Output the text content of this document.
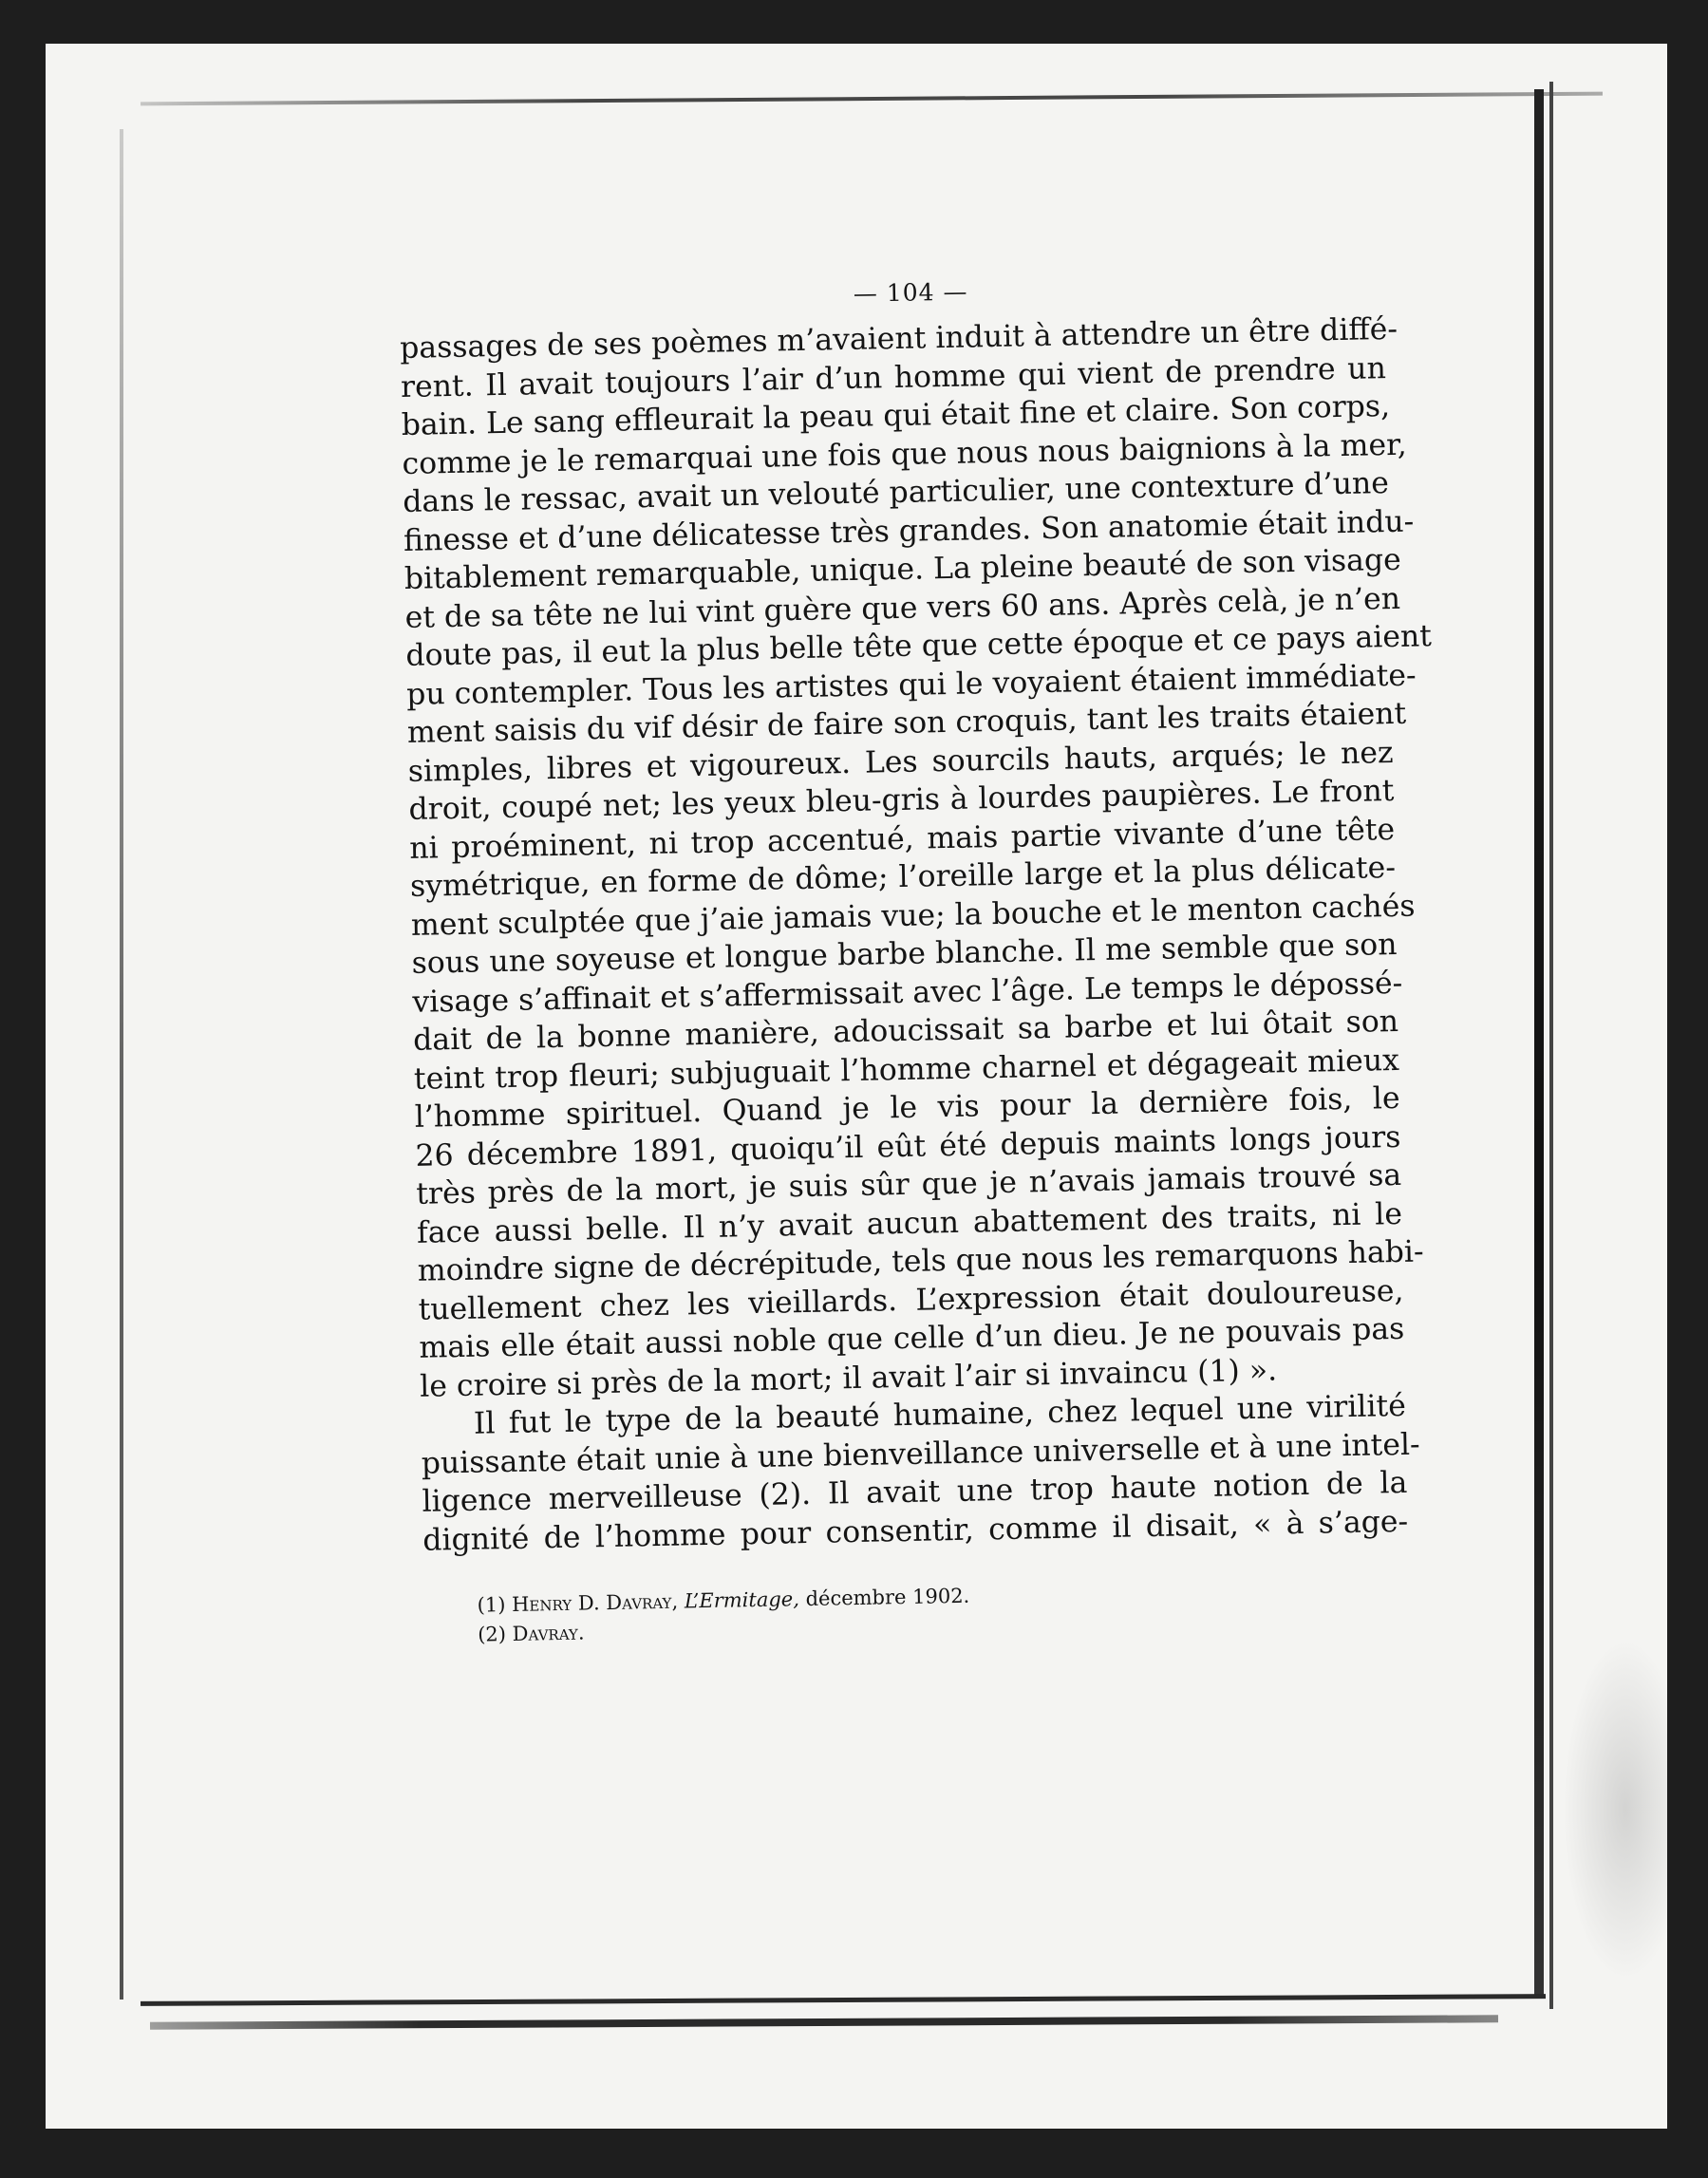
— 104 —
passages de ses poèmes m’avaient induit à attendre un être diffé-
rent. Il avait toujours l’air d’un homme qui vient de prendre un
bain. Le sang effleurait la peau qui était fine et claire. Son corps,
comme je le remarquai une fois que nous nous baignions à la mer,
dans le ressac, avait un velouté particulier, une contexture d’une
finesse et d’une délicatesse très grandes. Son anatomie était indu-
bitablement remarquable, unique. La pleine beauté de son visage
et de sa tête ne lui vint guère que vers 60 ans. Après celà, je n’en
doute pas, il eut la plus belle tête que cette époque et ce pays aient
pu contempler. Tous les artistes qui le voyaient étaient immédiate-
ment saisis du vif désir de faire son croquis, tant les traits étaient
simples, libres et vigoureux. Les sourcils hauts, arqués; le nez
droit, coupé net; les yeux bleu-gris à lourdes paupières. Le front
ni proéminent, ni trop accentué, mais partie vivante d’une tête
symétrique, en forme de dôme; l’oreille large et la plus délicate-
ment sculptée que j’aie jamais vue; la bouche et le menton cachés
sous une soyeuse et longue barbe blanche. Il me semble que son
visage s’affinait et s’affermissait avec l’âge. Le temps le dépossé-
dait de la bonne manière, adoucissait sa barbe et lui ôtait son
teint trop fleuri; subjuguait l’homme charnel et dégageait mieux
l’homme spirituel. Quand je le vis pour la dernière fois, le
26 décembre 1891, quoiqu’il eût été depuis maints longs jours
très près de la mort, je suis sûr que je n’avais jamais trouvé sa
face aussi belle. Il n’y avait aucun abattement des traits, ni le
moindre signe de décrépitude, tels que nous les remarquons habi-
tuellement chez les vieillards. L’expression était douloureuse,
mais elle était aussi noble que celle d’un dieu. Je ne pouvais pas
le croire si près de la mort; il avait l’air si invaincu (1) ».
Il fut le type de la beauté humaine, chez lequel une virilité
puissante était unie à une bienveillance universelle et à une intel-
ligence merveilleuse (2). Il avait une trop haute notion de la
dignité de l’homme pour consentir, comme il disait, « à s’age-
(1) Henry D. Davray, L’Ermitage, décembre 1902.
(2) Davray.
